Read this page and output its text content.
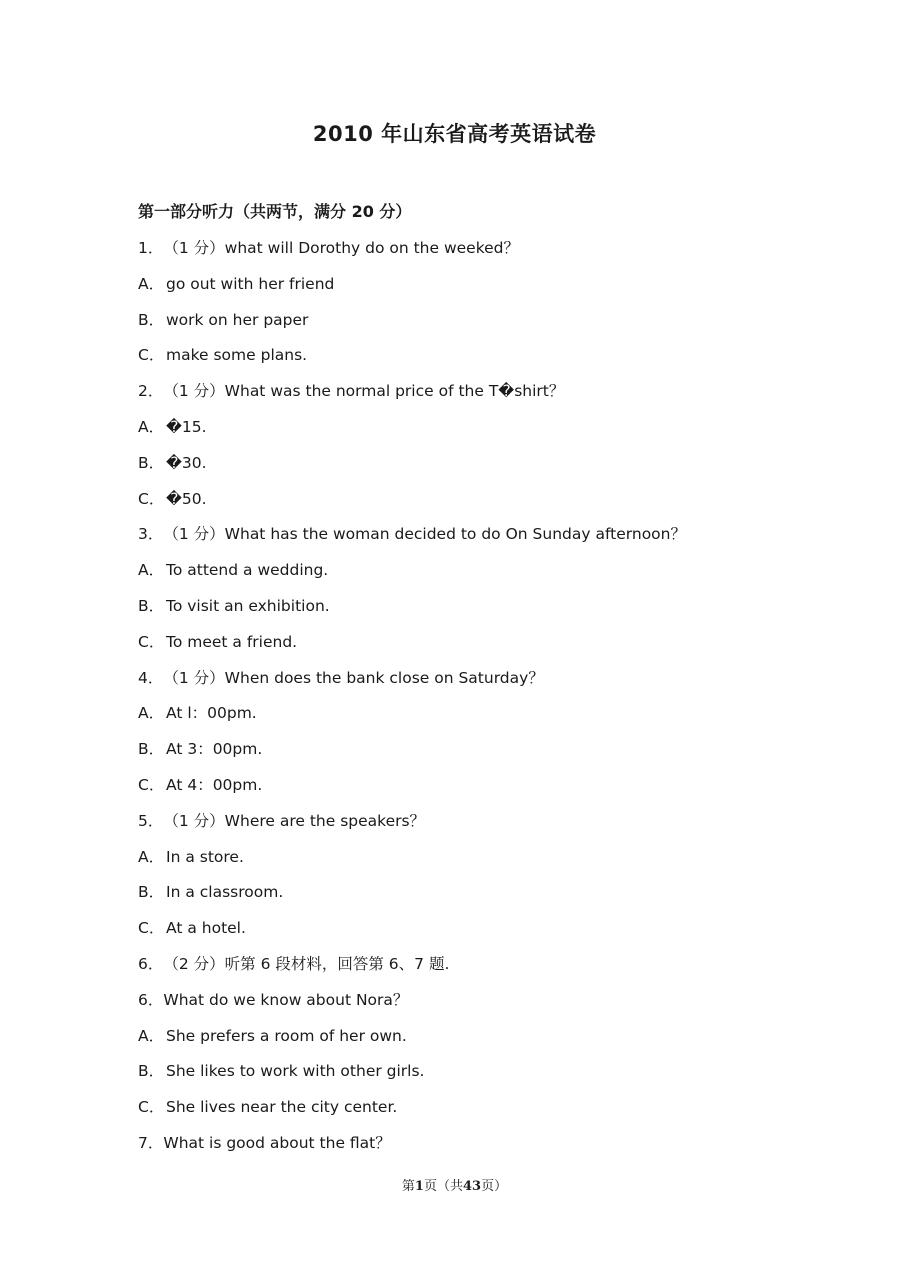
2010 年山东省高考英语试卷
第一部分听力（共两节，满分 20 分）
1．（1 分）what will Dorothy do on the weeked？
A． go out with her friend
B． work on her paper
C． make some plans.
2．（1 分）What was the normal price of the T�shirt？
A． �15.
B． �30.
C． �50.
3．（1 分）What has the woman decided to do On Sunday afternoon？
A． To attend a wedding.
B． To visit an exhibition.
C． To meet a friend.
4．（1 分）When does the bank close on Saturday？
A． At l：00pm.
B． At 3：00pm.
C． At 4：00pm.
5．（1 分）Where are the speakers？
A． In a store.
B． In a classroom.
C． At a hotel.
6．（2 分）听第 6 段材料，回答第 6、7 题.
6．What do we know about Nora？
A． She prefers a room of her own.
B． She likes to work with other girls.
C． She lives near the city center.
7．What is good about the flat？
第1页（共43页）
